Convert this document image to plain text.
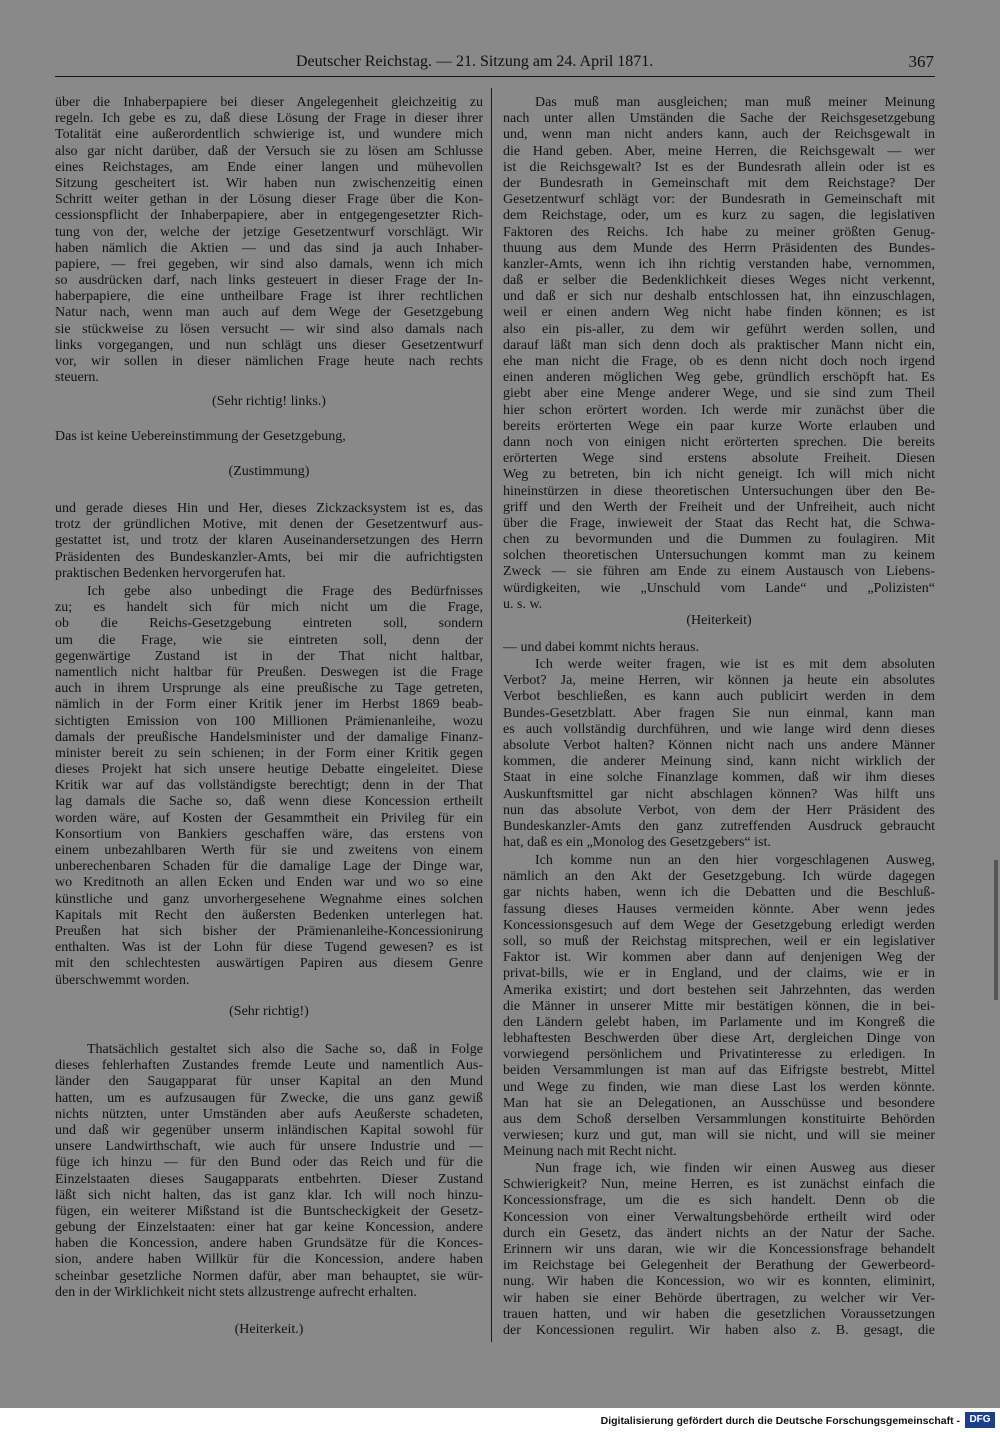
Deutscher Reichstag. — 21. Sitzung am 24. April 1871.	367
über die Inhaberpapiere bei dieser Angelegenheit gleichzeitig zu
regeln. Ich gebe es zu, daß diese Lösung der Frage in dieser ihrer
Totalität eine außerordentlich schwierige ist, und wundere mich
also gar nicht darüber, daß der Versuch sie zu lösen am Schlusse
eines Reichstages, am Ende einer langen und mühevollen
Sitzung gescheitert ist. Wir haben nun zwischenzeitig einen
Schritt weiter gethan in der Lösung dieser Frage über die Kon-
cessionspflicht der Inhaberpapiere, aber in entgegengesetzter Rich-
tung von der, welche der jetzige Gesetzentwurf vorschlägt. Wir
haben nämlich die Aktien — und das sind ja auch Inhaber-
papiere, — frei gegeben, wir sind also damals, wenn ich mich
so ausdrücken darf, nach links gesteuert in dieser Frage der In-
haberpapiere, die eine untheilbare Frage ist ihrer rechtlichen
Natur nach, wenn man auch auf dem Wege der Gesetzgebung
sie stückweise zu lösen versucht — wir sind also damals nach
links vorgegangen, und nun schlägt uns dieser Gesetzentwurf
vor, wir sollen in dieser nämlichen Frage heute nach rechts
steuern.
(Sehr richtig! links.)
Das ist keine Uebereinstimmung der Gesetzgebung,
(Zustimmung)
und gerade dieses Hin und Her, dieses Zickzacksystem ist es, das
trotz der gründlichen Motive, mit denen der Gesetzentwurf aus-
gestattet ist, und trotz der klaren Auseinandersetzungen des Herrn
Präsidenten des Bundeskanzler-Amts, bei mir die aufrichtigsten
praktischen Bedenken hervorgerufen hat.
Ich gebe also unbedingt die Frage des Bedürfnisses
zu; es handelt sich für mich nicht um die Frage,
ob die Reichs-Gesetzgebung eintreten soll, sondern
um die Frage, wie sie eintreten soll, denn der
gegenwärtige Zustand ist in der That nicht haltbar,
namentlich nicht haltbar für Preußen. Deswegen ist die Frage
auch in ihrem Ursprunge als eine preußische zu Tage getreten,
nämlich in der Form einer Kritik jener im Herbst 1869 beab-
sichtigten Emission von 100 Millionen Prämienanleihe, wozu
damals der preußische Handelsminister und der damalige Finanz-
minister bereit zu sein schienen; in der Form einer Kritik gegen
dieses Projekt hat sich unsere heutige Debatte eingeleitet. Diese
Kritik war auf das vollständigste berechtigt; denn in der That
lag damals die Sache so, daß wenn diese Koncession ertheilt
worden wäre, auf Kosten der Gesammtheit ein Privileg für ein
Konsortium von Bankiers geschaffen wäre, das erstens von
einem unbezahlbaren Werth für sie und zweitens von einem
unberechenbaren Schaden für die damalige Lage der Dinge war,
wo Kreditnoth an allen Ecken und Enden war und wo so eine
künstliche und ganz unvorhergesehene Wegnahme eines solchen
Kapitals mit Recht den äußersten Bedenken unterlegen hat.
Preußen hat sich bisher der Prämienanleihe-Koncessionirung
enthalten. Was ist der Lohn für diese Tugend gewesen? es ist
mit den schlechtesten auswärtigen Papiren aus diesem Genre
überschwemmt worden.
(Sehr richtig!)
Thatsächlich gestaltet sich also die Sache so, daß in Folge
dieses fehlerhaften Zustandes fremde Leute und namentlich Aus-
länder den Saugapparat für unser Kapital an den Mund
hatten, um es aufzusaugen für Zwecke, die uns ganz gewiß
nichts nützten, unter Umständen aber aufs Aeußerste schadeten,
und daß wir gegenüber unserm inländischen Kapital sowohl für
unsere Landwirthschaft, wie auch für unsere Industrie und —
füge ich hinzu — für den Bund oder das Reich und für die
Einzelstaaten dieses Saugapparats entbehrten. Dieser Zustand
läßt sich nicht halten, das ist ganz klar. Ich will noch hinzu-
fügen, ein weiterer Mißstand ist die Buntscheckigkeit der Gesetz-
gebung der Einzelstaaten: einer hat gar keine Koncession, andere
haben die Koncession, andere haben Grundsätze für die Konces-
sion, andere haben Willkür für die Koncession, andere haben
scheinbar gesetzliche Normen dafür, aber man behauptet, sie wür-
den in der Wirklichkeit nicht stets allzustrenge aufrecht erhalten.
(Heiterkeit.)
Das muß man ausgleichen; man muß meiner Meinung
nach unter allen Umständen die Sache der Reichsgesetzgebung
und, wenn man nicht anders kann, auch der Reichsgewalt in
die Hand geben. Aber, meine Herren, die Reichsgewalt — wer
ist die Reichsgewalt? Ist es der Bundesrath allein oder ist es
der Bundesrath in Gemeinschaft mit dem Reichstage? Der
Gesetzentwurf schlägt vor: der Bundesrath in Gemeinschaft mit
dem Reichstage, oder, um es kurz zu sagen, die legislativen
Faktoren des Reichs. Ich habe zu meiner größten Genug-
thuung aus dem Munde des Herrn Präsidenten des Bundes-
kanzler-Amts, wenn ich ihn richtig verstanden habe, vernommen,
daß er selber die Bedenklichkeit dieses Weges nicht verkennt,
und daß er sich nur deshalb entschlossen hat, ihn einzuschlagen,
weil er einen andern Weg nicht habe finden können; es ist
also ein pis-aller, zu dem wir geführt werden sollen, und
darauf läßt man sich denn doch als praktischer Mann nicht ein,
ehe man nicht die Frage, ob es denn nicht doch noch irgend
einen anderen möglichen Weg gebe, gründlich erschöpft hat. Es
giebt aber eine Menge anderer Wege, und sie sind zum Theil
hier schon erörtert worden. Ich werde mir zunächst über die
bereits erörterten Wege ein paar kurze Worte erlauben und
dann noch von einigen nicht erörterten sprechen. Die bereits
erörterten Wege sind erstens absolute Freiheit. Diesen
Weg zu betreten, bin ich nicht geneigt. Ich will mich nicht
hineinstürzen in diese theoretischen Untersuchungen über den Be-
griff und den Werth der Freiheit und der Unfreiheit, auch nicht
über die Frage, inwieweit der Staat das Recht hat, die Schwa-
chen zu bevormunden und die Dummen zu foulagiren. Mit
solchen theoretischen Untersuchungen kommt man zu keinem
Zweck — sie führen am Ende zu einem Austausch von Liebens-
würdigkeiten, wie „Unschuld vom Lande“ und „Polizisten“
u. s. w.
(Heiterkeit)
— und dabei kommt nichts heraus.
Ich werde weiter fragen, wie ist es mit dem absoluten
Verbot? Ja, meine Herren, wir können ja heute ein absolutes
Verbot beschließen, es kann auch publicirt werden in dem
Bundes-Gesetzblatt. Aber fragen Sie nun einmal, kann man
es auch vollständig durchführen, und wie lange wird denn dieses
absolute Verbot halten? Können nicht nach uns andere Männer
kommen, die anderer Meinung sind, kann nicht wirklich der
Staat in eine solche Finanzlage kommen, daß wir ihm dieses
Auskunftsmittel gar nicht abschlagen können? Was hilft uns
nun das absolute Verbot, von dem der Herr Präsident des
Bundeskanzler-Amts den ganz zutreffenden Ausdruck gebraucht
hat, daß es ein „Monolog des Gesetzgebers“ ist.
Ich komme nun an den hier vorgeschlagenen Ausweg,
nämlich an den Akt der Gesetzgebung. Ich würde dagegen
gar nichts haben, wenn ich die Debatten und die Beschluß-
fassung dieses Hauses vermeiden könnte. Aber wenn jedes
Koncessionsgesuch auf dem Wege der Gesetzgebung erledigt werden
soll, so muß der Reichstag mitsprechen, weil er ein legislativer
Faktor ist. Wir kommen aber dann auf denjenigen Weg der
privat-bills, wie er in England, und der claims, wie er in
Amerika existirt; und dort bestehen seit Jahrzehnten, das werden
die Männer in unserer Mitte mir bestätigen können, die in bei-
den Ländern gelebt haben, im Parlamente und im Kongreß die
lebhaftesten Beschwerden über diese Art, dergleichen Dinge von
vorwiegend persönlichem und Privatinteresse zu erledigen. In
beiden Versammlungen ist man auf das Eifrigste bestrebt, Mittel
und Wege zu finden, wie man diese Last los werden könnte.
Man hat sie an Delegationen, an Ausschüsse und besondere
aus dem Schoß derselben Versammlungen konstituirte Behörden
verwiesen; kurz und gut, man will sie nicht, und will sie meiner
Meinung nach mit Recht nicht.
Nun frage ich, wie finden wir einen Ausweg aus dieser
Schwierigkeit? Nun, meine Herren, es ist zunächst einfach die
Koncessionsfrage, um die es sich handelt. Denn ob die
Koncession von einer Verwaltungsbehörde ertheilt wird oder
durch ein Gesetz, das ändert nichts an der Natur der Sache.
Erinnern wir uns daran, wie wir die Koncessionsfrage behandelt
im Reichstage bei Gelegenheit der Berathung der Gewerbeord-
nung. Wir haben die Koncession, wo wir es konnten, eliminirt,
wir haben sie einer Behörde übertragen, zu welcher wir Ver-
trauen hatten, und wir haben die gesetzlichen Voraussetzungen
der Koncessionen regulirt. Wir haben also z. B. gesagt, die
Digitalisierung gefördert durch die Deutsche Forschungsgemeinschaft - DFG
